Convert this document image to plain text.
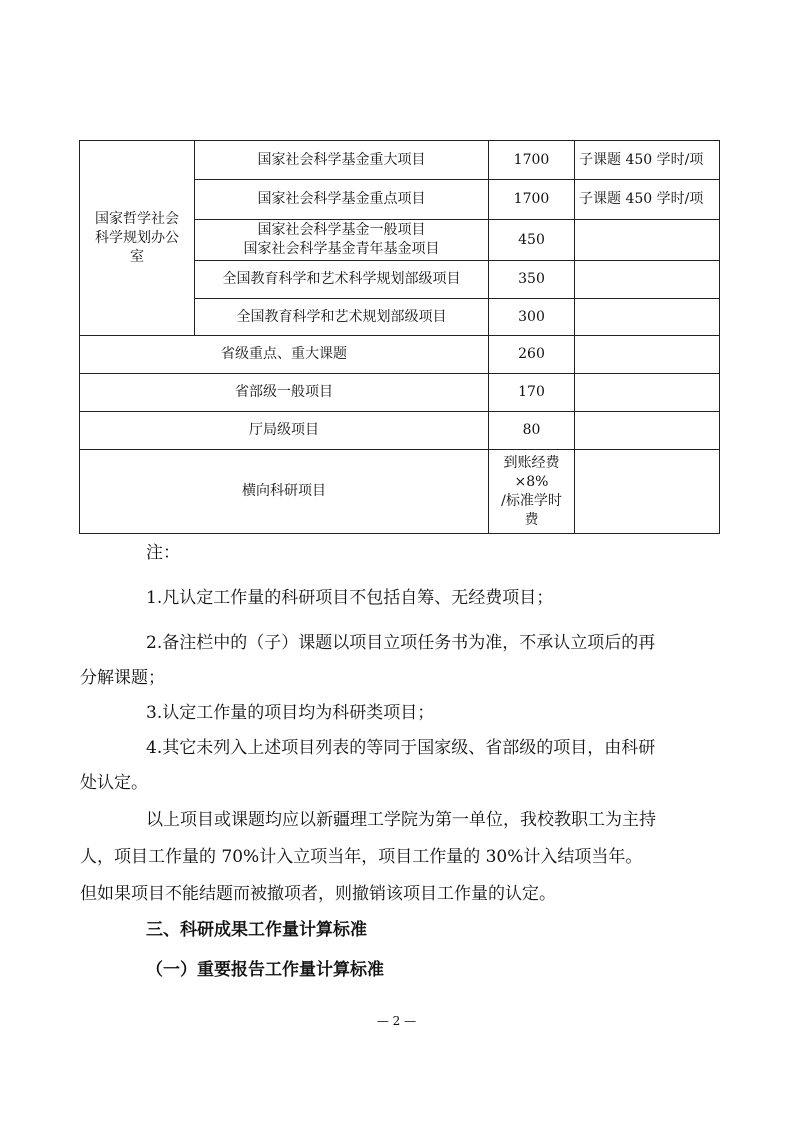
国家哲学社会
科学规划办公
室	国家社会科学基金重大项目	1700	子课题 450 学时/项
	国家社会科学基金重点项目	1700	子课题 450 学时/项

	国家社会科学基金一般项目
国家社会科学基金青年基金项目	450	
	全国教育科学和艺术科学规划部级项目	350	
	全国教育科学和艺术规划部级项目	300	
省级重点、重大课题		260	
省部级一般项目		170	
厅局级项目		80	
横向科研项目		到账经费
×8%
/标准学时
费	

注：
1.凡认定工作量的科研项目不包括自筹、无经费项目；
2.备注栏中的（子）课题以项目立项任务书为准，不承认立项后的再
分解课题；
3.认定工作量的项目均为科研类项目；
4.其它未列入上述项目列表的等同于国家级、省部级的项目，由科研
处认定。
以上项目或课题均应以新疆理工学院为第一单位，我校教职工为主持
人，项目工作量的 70%计入立项当年，项目工作量的 30%计入结项当年。
但如果项目不能结题而被撤项者，则撤销该项目工作量的认定。
三、科研成果工作量计算标准
（一）重要报告工作量计算标准
— 2 —
